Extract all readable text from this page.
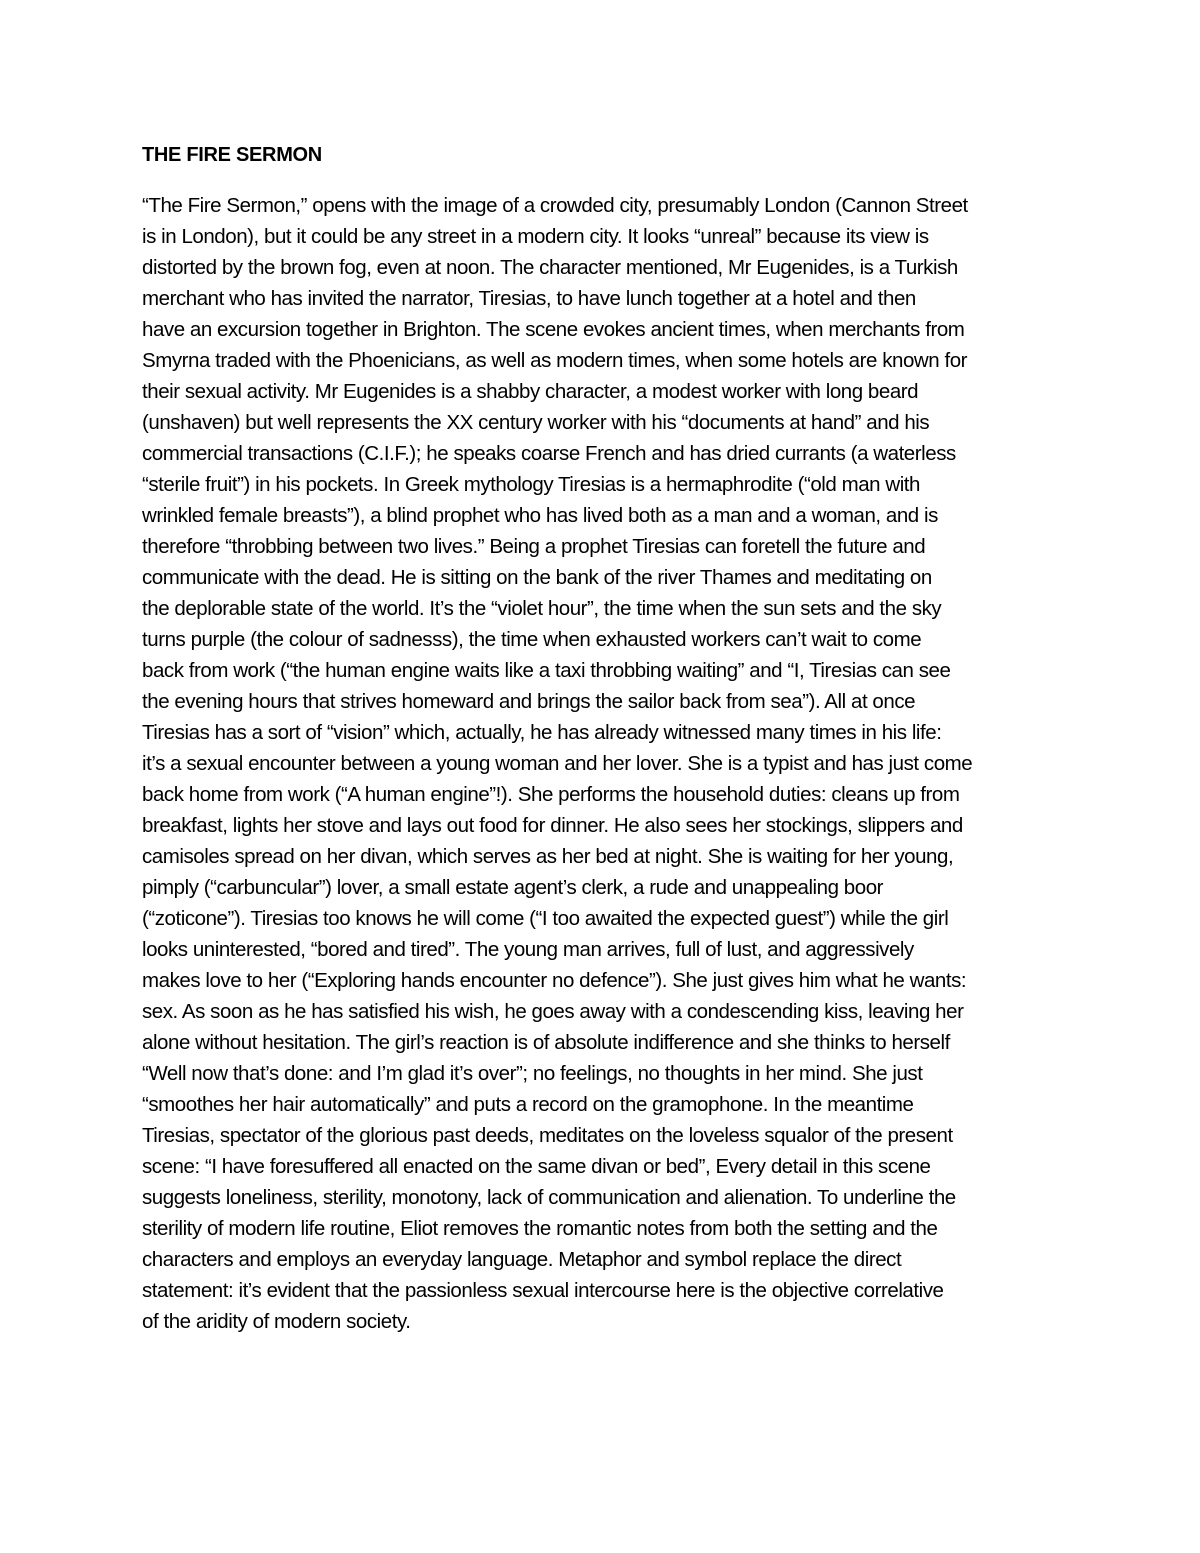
THE FIRE SERMON
“The Fire Sermon,” opens with the image of a crowded city, presumably London (Cannon Street
is in London), but it could be any street in a modern city. It looks “unreal” because its view is
distorted by the brown fog, even at noon. The character mentioned, Mr Eugenides, is a Turkish
merchant who has invited the narrator, Tiresias, to have lunch together at a hotel and then
have an excursion together in Brighton. The scene evokes ancient times, when merchants from
Smyrna traded with the Phoenicians, as well as modern times, when some hotels are known for
their sexual activity. Mr Eugenides is a shabby character, a modest worker with long beard
(unshaven) but well represents the XX century worker with his “documents at hand” and his
commercial transactions (C.I.F.); he speaks coarse French and has dried currants (a waterless
“sterile fruit”) in his pockets. In Greek mythology Tiresias is a hermaphrodite (“old man with
wrinkled female breasts”), a blind prophet who has lived both as a man and a woman, and is
therefore “throbbing between two lives.” Being a prophet Tiresias can foretell the future and
communicate with the dead. He is sitting on the bank of the river Thames and meditating on
the deplorable state of the world. It’s the “violet hour”, the time when the sun sets and the sky
turns purple (the colour of sadnesss), the time when exhausted workers can’t wait to come
back from work (“the human engine waits like a taxi throbbing waiting” and “I, Tiresias can see
the evening hours that strives homeward and brings the sailor back from sea”). All at once
Tiresias has a sort of “vision” which, actually, he has already witnessed many times in his life:
it’s a sexual encounter between a young woman and her lover. She is a typist and has just come
back home from work (“A human engine”!). She performs the household duties: cleans up from
breakfast, lights her stove and lays out food for dinner. He also sees her stockings, slippers and
camisoles spread on her divan, which serves as her bed at night. She is waiting for her young,
pimply (“carbuncular”) lover, a small estate agent’s clerk, a rude and unappealing boor
(“zoticone”). Tiresias too knows he will come (“I too awaited the expected guest”) while the girl
looks uninterested, “bored and tired”. The young man arrives, full of lust, and aggressively
makes love to her (“Exploring hands encounter no defence”). She just gives him what he wants:
sex. As soon as he has satisfied his wish, he goes away with a condescending kiss, leaving her
alone without hesitation. The girl’s reaction is of absolute indifference and she thinks to herself
“Well now that’s done: and I’m glad it’s over”; no feelings, no thoughts in her mind. She just
“smoothes her hair automatically” and puts a record on the gramophone. In the meantime
Tiresias, spectator of the glorious past deeds, meditates on the loveless squalor of the present
scene: “I have foresuffered all enacted on the same divan or bed”, Every detail in this scene
suggests loneliness, sterility, monotony, lack of communication and alienation. To underline the
sterility of modern life routine, Eliot removes the romantic notes from both the setting and the
characters and employs an everyday language. Metaphor and symbol replace the direct
statement: it’s evident that the passionless sexual intercourse here is the objective correlative
of the aridity of modern society.
